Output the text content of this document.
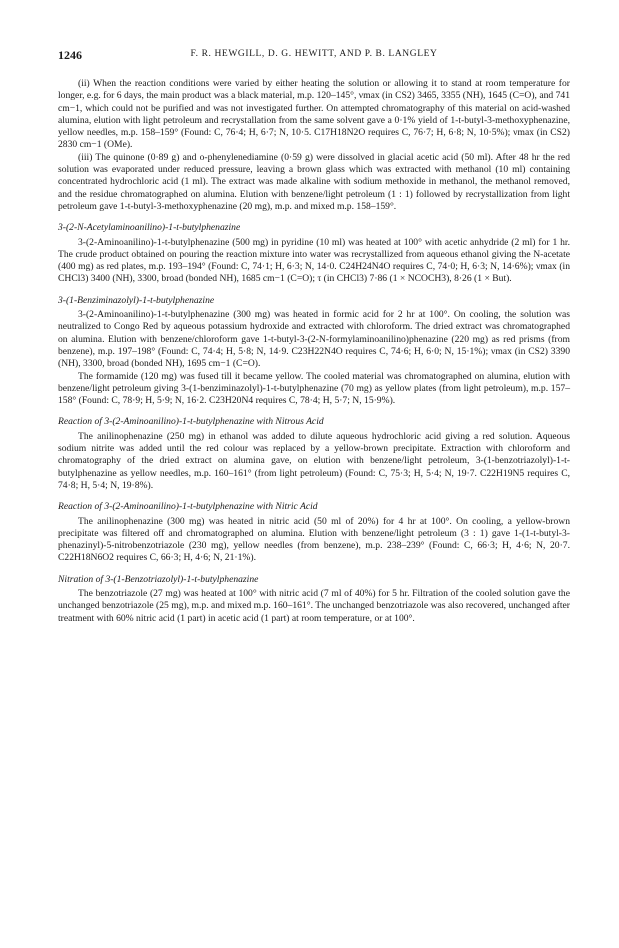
1246	F. R. HEWGILL, D. G. HEWITT, AND P. B. LANGLEY

(ii) When the reaction conditions were varied by either heating the solution or allowing it to stand at room temperature for longer, e.g. for 6 days, the main product was a black material, m.p. 120–145°, νmax (in CS2) 3465, 3355 (NH), 1645 (C=O), and 741 cm−1, which could not be purified and was not investigated further. On attempted chromatography of this material on acid-washed alumina, elution with light petroleum and recrystallation from the same solvent gave a 0·1% yield of 1-t-butyl-3-methoxyphenazine, yellow needles, m.p. 158–159° (Found: C, 76·4; H, 6·7; N, 10·5. C17H18N2O requires C, 76·7; H, 6·8; N, 10·5%); νmax (in CS2) 2830 cm−1 (OMe).

(iii) The quinone (0·89 g) and o-phenylenediamine (0·59 g) were dissolved in glacial acetic acid (50 ml). After 48 hr the red solution was evaporated under reduced pressure, leaving a brown glass which was extracted with methanol (10 ml) containing concentrated hydrochloric acid (1 ml). The extract was made alkaline with sodium methoxide in methanol, the methanol removed, and the residue chromatographed on alumina. Elution with benzene/light petroleum (1 : 1) followed by recrystallization from light petroleum gave 1-t-butyl-3-methoxyphenazine (20 mg), m.p. and mixed m.p. 158–159°.

3-(2-N-Acetylaminoanilino)-1-t-butylphenazine

3-(2-Aminoanilino)-1-t-butylphenazine (500 mg) in pyridine (10 ml) was heated at 100° with acetic anhydride (2 ml) for 1 hr. The crude product obtained on pouring the reaction mixture into water was recrystallized from aqueous ethanol giving the N-acetate (400 mg) as red plates, m.p. 193–194° (Found: C, 74·1; H, 6·3; N, 14·0. C24H24N4O requires C, 74·0; H, 6·3; N, 14·6%); νmax (in CHCl3) 3400 (NH), 3300, broad (bonded NH), 1685 cm−1 (C=O); τ (in CHCl3) 7·86 (1 × NCOCH3), 8·26 (1 × But).

3-(1-Benziminazolyl)-1-t-butylphenazine

3-(2-Aminoanilino)-1-t-butylphenazine (300 mg) was heated in formic acid for 2 hr at 100°. On cooling, the solution was neutralized to Congo Red by aqueous potassium hydroxide and extracted with chloroform. The dried extract was chromatographed on alumina. Elution with benzene/chloroform gave 1-t-butyl-3-(2-N-formylaminoanilino)phenazine (220 mg) as red prisms (from benzene), m.p. 197–198° (Found: C, 74·4; H, 5·8; N, 14·9. C23H22N4O requires C, 74·6; H, 6·0; N, 15·1%); νmax (in CS2) 3390 (NH), 3300, broad (bonded NH), 1695 cm−1 (C=O).

The formamide (120 mg) was fused till it became yellow. The cooled material was chromatographed on alumina, elution with benzene/light petroleum giving 3-(1-benziminazolyl)-1-t-butylphenazine (70 mg) as yellow plates (from light petroleum), m.p. 157–158° (Found: C, 78·9; H, 5·9; N, 16·2. C23H20N4 requires C, 78·4; H, 5·7; N, 15·9%).

Reaction of 3-(2-Aminoanilino)-1-t-butylphenazine with Nitrous Acid

The anilinophenazine (250 mg) in ethanol was added to dilute aqueous hydrochloric acid giving a red solution. Aqueous sodium nitrite was added until the red colour was replaced by a yellow-brown precipitate. Extraction with chloroform and chromatography of the dried extract on alumina gave, on elution with benzene/light petroleum, 3-(1-benzotriazolyl)-1-t-butylphenazine as yellow needles, m.p. 160–161° (from light petroleum) (Found: C, 75·3; H, 5·4; N, 19·7. C22H19N5 requires C, 74·8; H, 5·4; N, 19·8%).

Reaction of 3-(2-Aminoanilino)-1-t-butylphenazine with Nitric Acid

The anilinophenazine (300 mg) was heated in nitric acid (50 ml of 20%) for 4 hr at 100°. On cooling, a yellow-brown precipitate was filtered off and chromatographed on alumina. Elution with benzene/light petroleum (3 : 1) gave 1-(1-t-butyl-3-phenazinyl)-5-nitrobenzotriazole (230 mg), yellow needles (from benzene), m.p. 238–239° (Found: C, 66·3; H, 4·6; N, 20·7. C22H18N6O2 requires C, 66·3; H, 4·6; N, 21·1%).

Nitration of 3-(1-Benzotriazolyl)-1-t-butylphenazine

The benzotriazole (27 mg) was heated at 100° with nitric acid (7 ml of 40%) for 5 hr. Filtration of the cooled solution gave the unchanged benzotriazole (25 mg), m.p. and mixed m.p. 160–161°. The unchanged benzotriazole was also recovered, unchanged after treatment with 60% nitric acid (1 part) in acetic acid (1 part) at room temperature, or at 100°.
